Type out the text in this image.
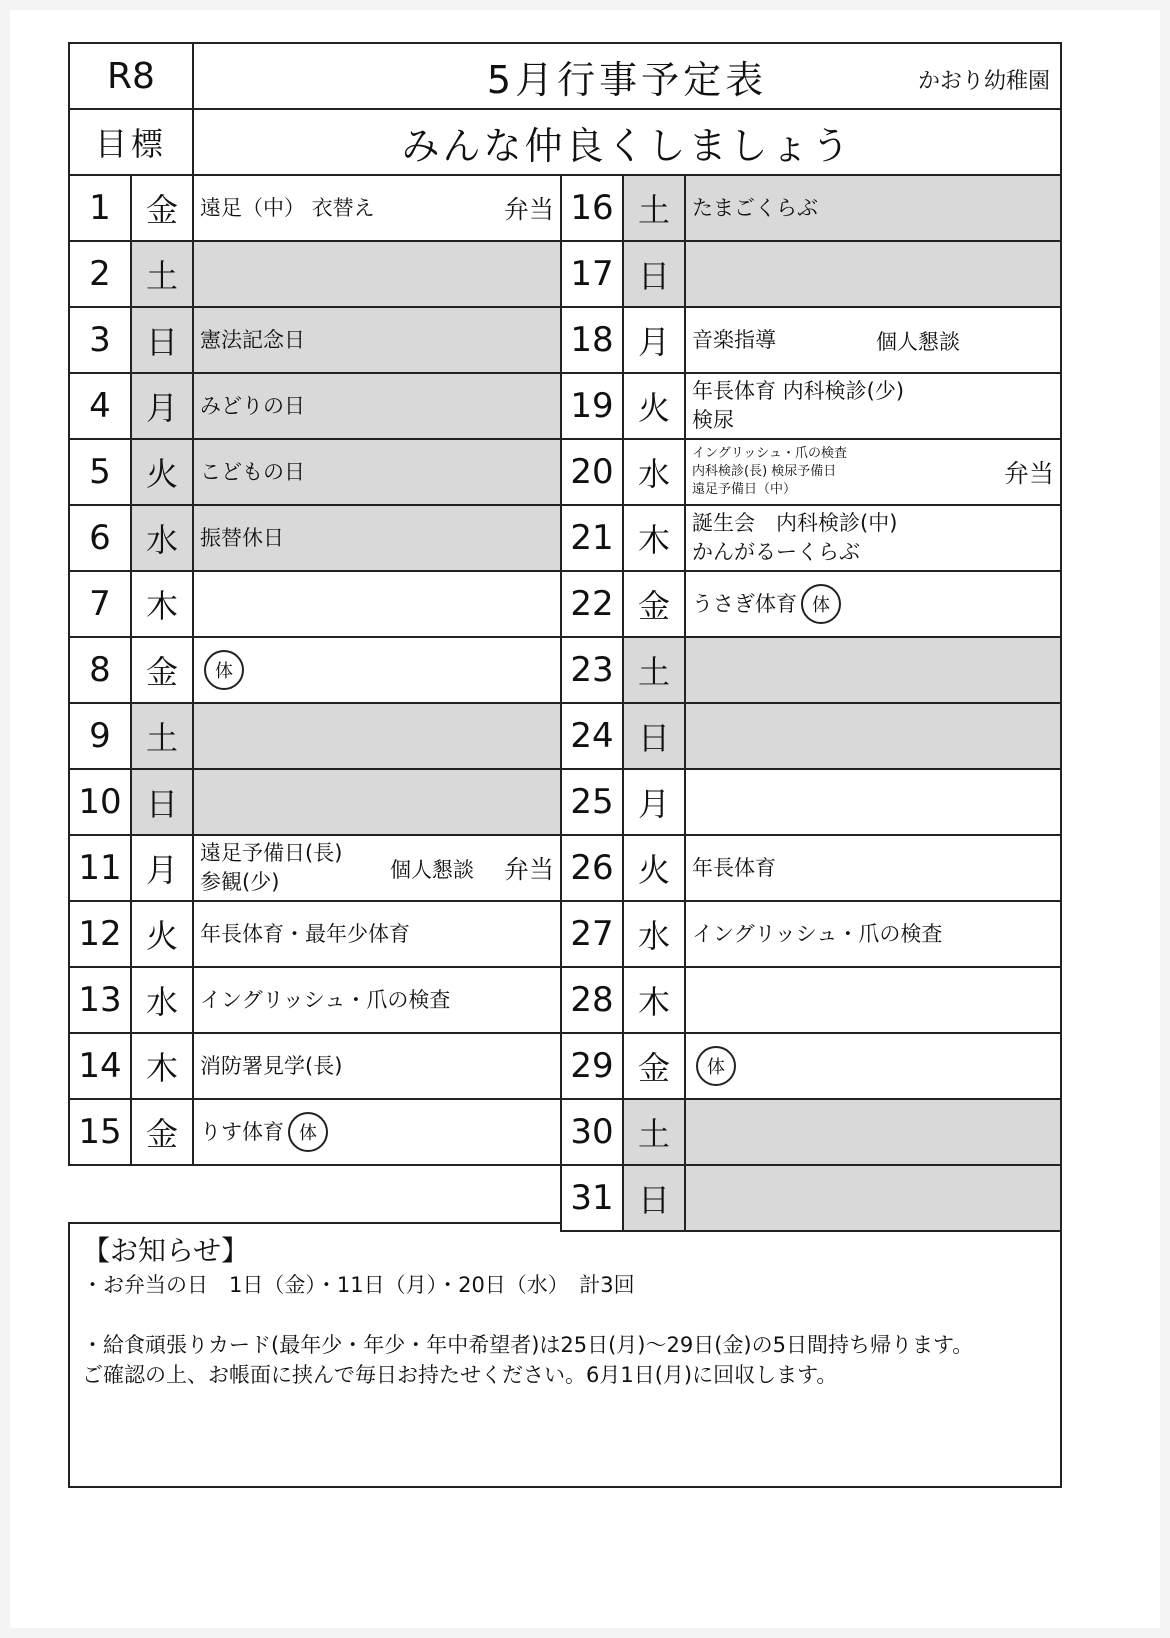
R8	5月行事予定表	かおり幼稚園
目標	みんな仲良くしましょう
【お知らせ】
・お弁当の日　1日（金）・11日（月）・20日（水）　計3回
・給食頑張りカード(最年少・年少・年中希望者)は25日(月)〜29日(金)の5日間持ち帰ります。
ご確認の上、お帳面に挟んで毎日お持たせください。6月1日(月)に回収します。
1 金 遠足（中） 衣替え	弁当
2 土
3 日 憲法記念日
4 月 みどりの日
5 火 こどもの日
6 水 振替休日
7 木
8 金	体
9 土
10 日
11 月 遠足予備日(長)
参観(少)	個人懇談 弁当
12 火 年長体育・最年少体育
13 水 イングリッシュ・爪の検査
14 木 消防署見学(長)
15 金 りす体育 体
16 土 たまごくらぶ
17 日
18 月 音楽指導	個人懇談
19 火 年長体育 内科検診(少)
検尿
20 水
イングリッシュ・爪の検査
内科検診(長) 検尿予備日
遠足予備日（中）
弁当
21 木 誕生会　内科検診(中)
かんがるーくらぶ
22 金 うさぎ体育 体
23 土
24 日
25 月
26 火 年長体育
27 水 イングリッシュ・爪の検査
28 木
29 金	体
30 土
31 日
